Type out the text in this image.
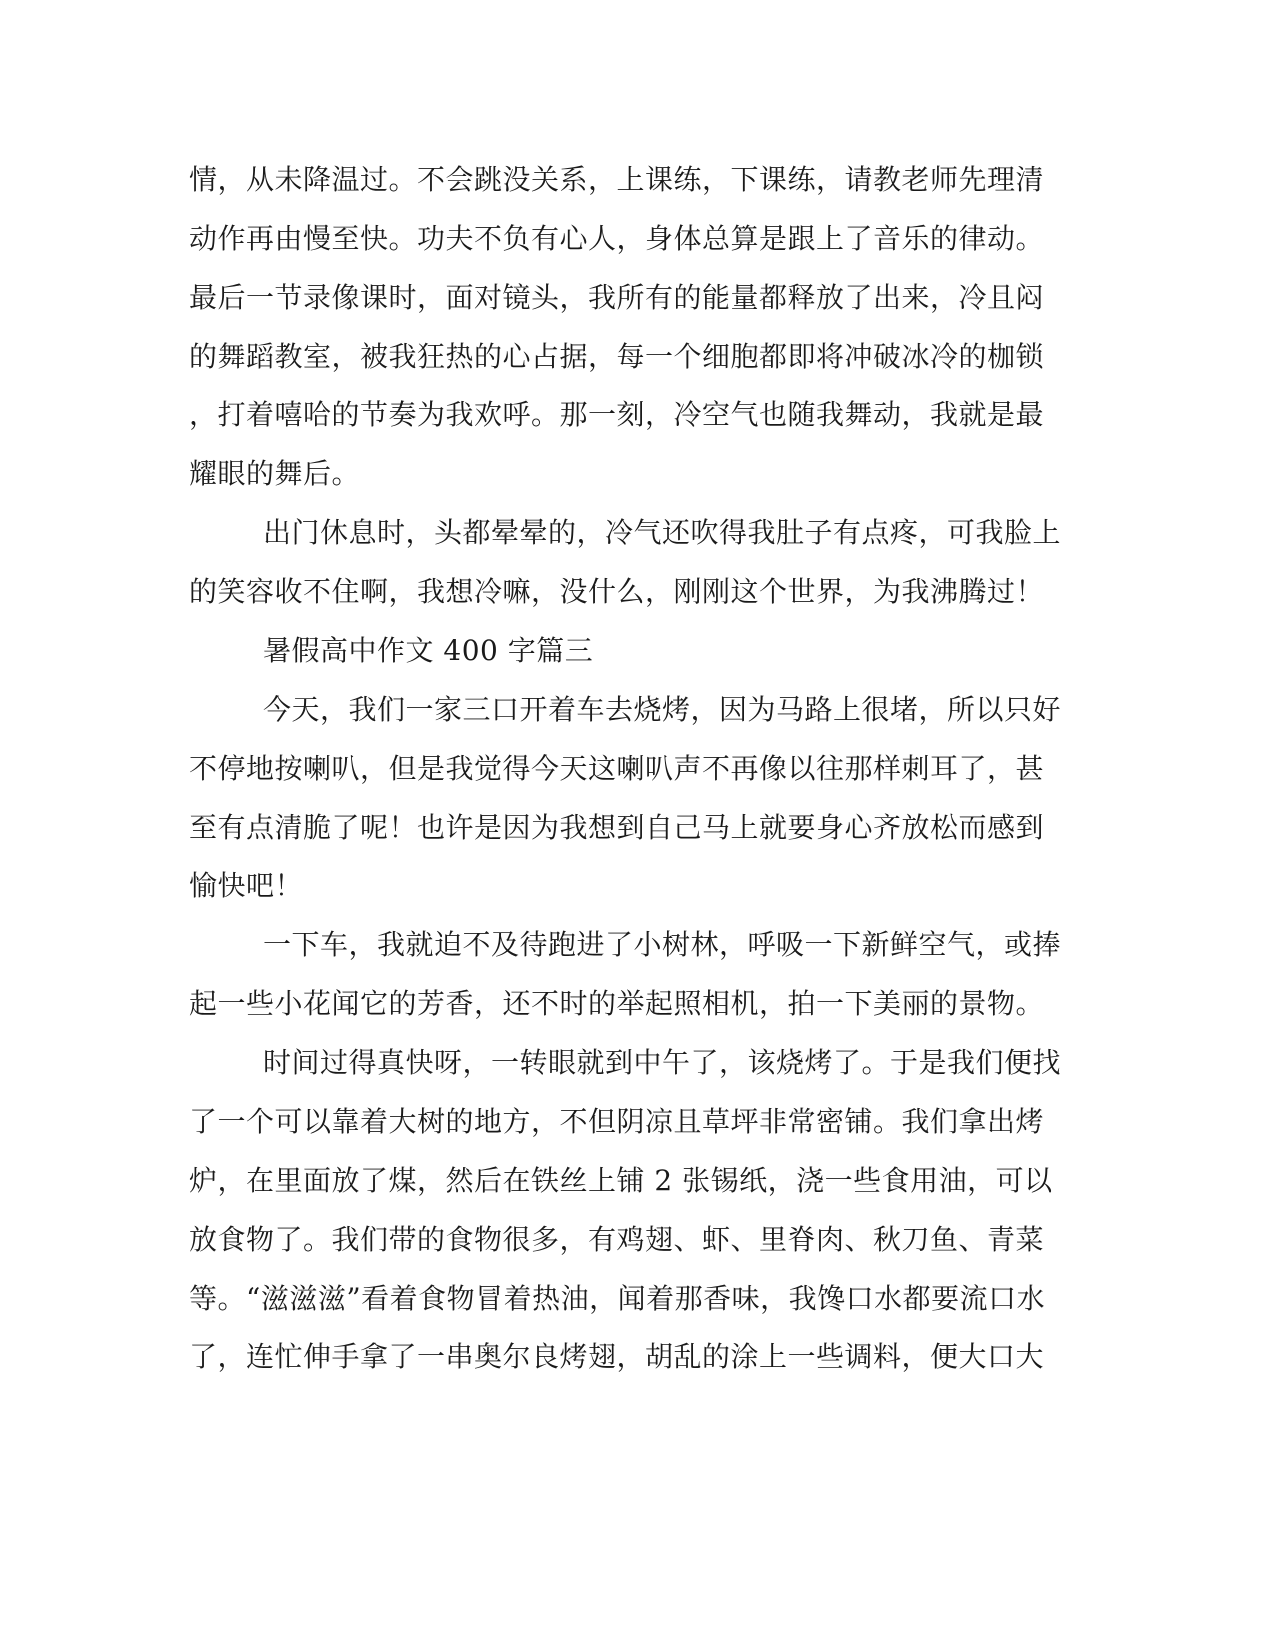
情，从未降温过。不会跳没关系，上课练，下课练，请教老师先理清
动作再由慢至快。功夫不负有心人，身体总算是跟上了音乐的律动。
最后一节录像课时，面对镜头，我所有的能量都释放了出来，冷且闷
的舞蹈教室，被我狂热的心占据，每一个细胞都即将冲破冰冷的枷锁
，打着嘻哈的节奏为我欢呼。那一刻，冷空气也随我舞动，我就是最
耀眼的舞后。
出门休息时，头都晕晕的，冷气还吹得我肚子有点疼，可我脸上
的笑容收不住啊，我想冷嘛，没什么，刚刚这个世界，为我沸腾过！
暑假高中作文 400 字篇三
今天，我们一家三口开着车去烧烤，因为马路上很堵，所以只好
不停地按喇叭，但是我觉得今天这喇叭声不再像以往那样刺耳了，甚
至有点清脆了呢！也许是因为我想到自己马上就要身心齐放松而感到
愉快吧！
一下车，我就迫不及待跑进了小树林，呼吸一下新鲜空气，或捧
起一些小花闻它的芳香，还不时的举起照相机，拍一下美丽的景物。
时间过得真快呀，一转眼就到中午了，该烧烤了。于是我们便找
了一个可以靠着大树的地方，不但阴凉且草坪非常密铺。我们拿出烤
炉，在里面放了煤，然后在铁丝上铺 2 张锡纸，浇一些食用油，可以
放食物了。我们带的食物很多，有鸡翅、虾、里脊肉、秋刀鱼、青菜
等。“滋滋滋”看着食物冒着热油，闻着那香味，我馋口水都要流口水
了，连忙伸手拿了一串奥尔良烤翅，胡乱的涂上一些调料，便大口大
